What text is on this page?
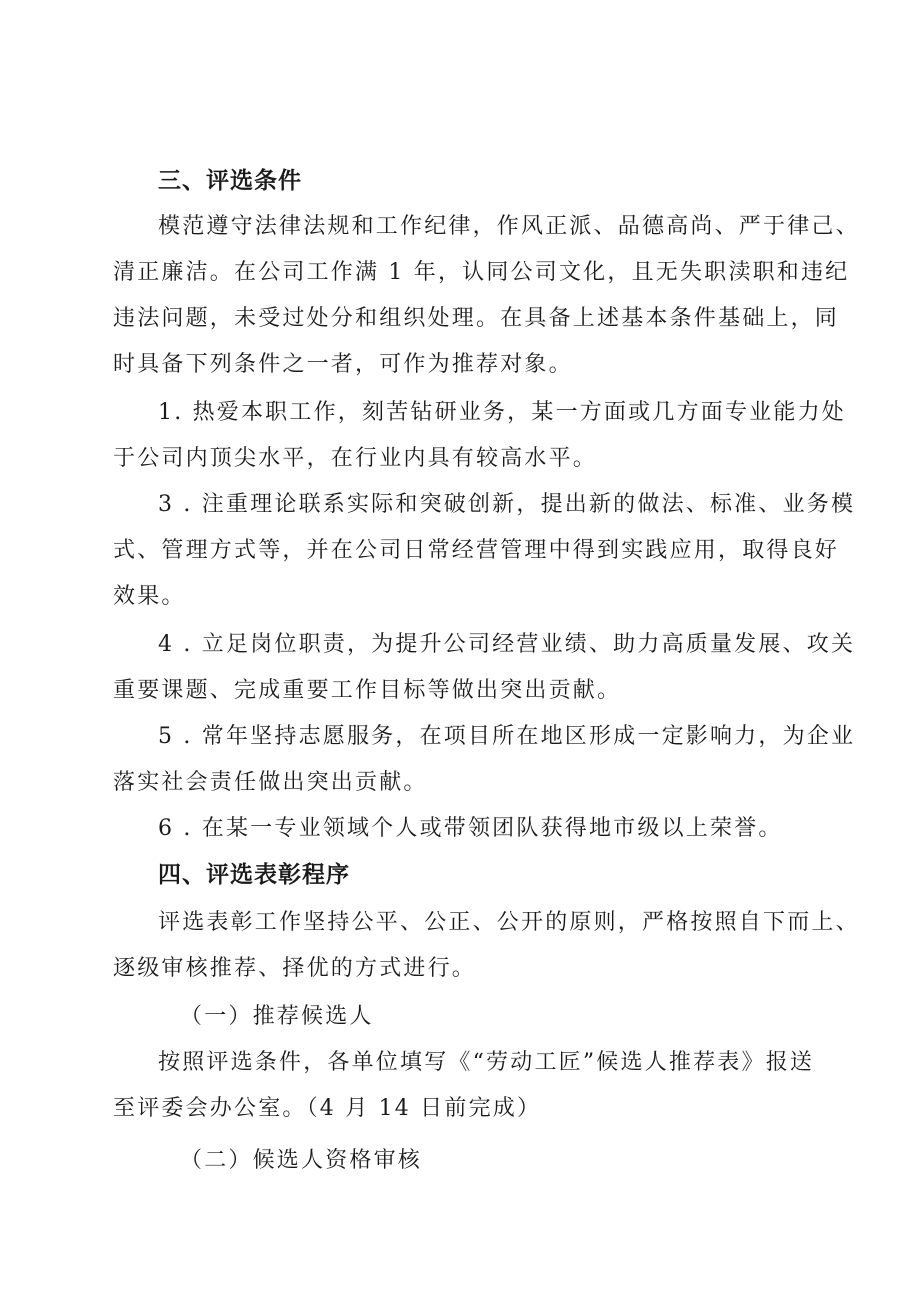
三、评选条件
模范遵守法律法规和工作纪律，作风正派、品德高尚、严于律己、
清正廉洁。在公司工作满 1 年，认同公司文化，且无失职渎职和违纪
违法问题，未受过处分和组织处理。在具备上述基本条件基础上，同
时具备下列条件之一者，可作为推荐对象。
1. 热爱本职工作，刻苦钻研业务，某一方面或几方面专业能力处
于公司内顶尖水平，在行业内具有较高水平。
3 . 注重理论联系实际和突破创新，提出新的做法、标准、业务模
式、管理方式等，并在公司日常经营管理中得到实践应用，取得良好
效果。
4 . 立足岗位职责，为提升公司经营业绩、助力高质量发展、攻关
重要课题、完成重要工作目标等做出突出贡献。
5 . 常年坚持志愿服务，在项目所在地区形成一定影响力，为企业
落实社会责任做出突出贡献。
6 . 在某一专业领域个人或带领团队获得地市级以上荣誉。
四、评选表彰程序
评选表彰工作坚持公平、公正、公开的原则，严格按照自下而上、
逐级审核推荐、择优的方式进行。
（一）推荐候选人
按照评选条件，各单位填写《“劳动工匠”候选人推荐表》报送
至评委会办公室。（4 月 14 日前完成）
（二）候选人资格审核
